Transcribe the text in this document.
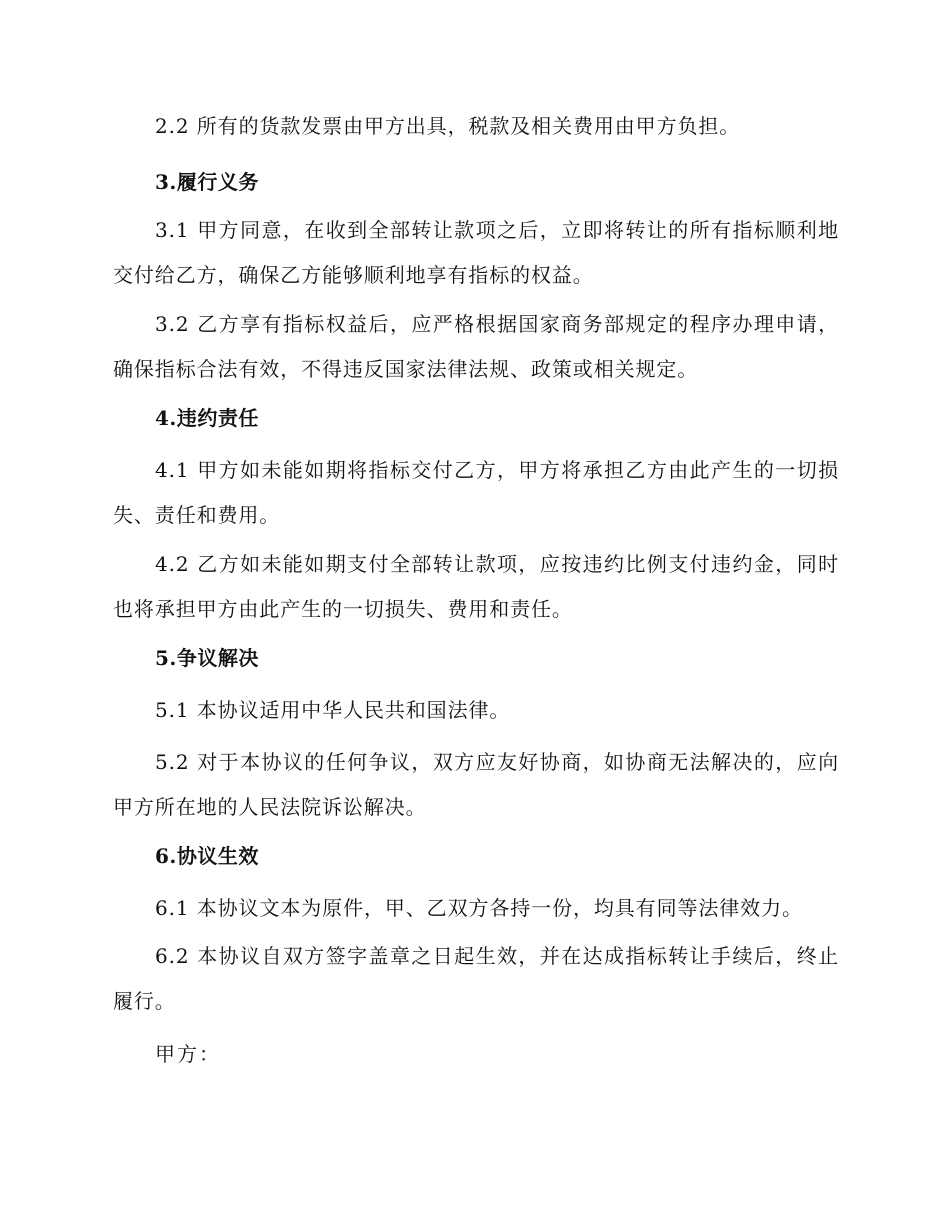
2.2 所有的货款发票由甲方出具，税款及相关费用由甲方负担。
3.履行义务
3.1 甲方同意，在收到全部转让款项之后，立即将转让的所有指标顺利地
交付给乙方，确保乙方能够顺利地享有指标的权益。
3.2 乙方享有指标权益后，应严格根据国家商务部规定的程序办理申请，
确保指标合法有效，不得违反国家法律法规、政策或相关规定。
4.违约责任
4.1 甲方如未能如期将指标交付乙方，甲方将承担乙方由此产生的一切损
失、责任和费用。
4.2 乙方如未能如期支付全部转让款项，应按违约比例支付违约金，同时
也将承担甲方由此产生的一切损失、费用和责任。
5.争议解决
5.1 本协议适用中华人民共和国法律。
5.2 对于本协议的任何争议，双方应友好协商，如协商无法解决的，应向
甲方所在地的人民法院诉讼解决。
6.协议生效
6.1 本协议文本为原件，甲、乙双方各持一份，均具有同等法律效力。
6.2 本协议自双方签字盖章之日起生效，并在达成指标转让手续后，终止
履行。
甲方：
